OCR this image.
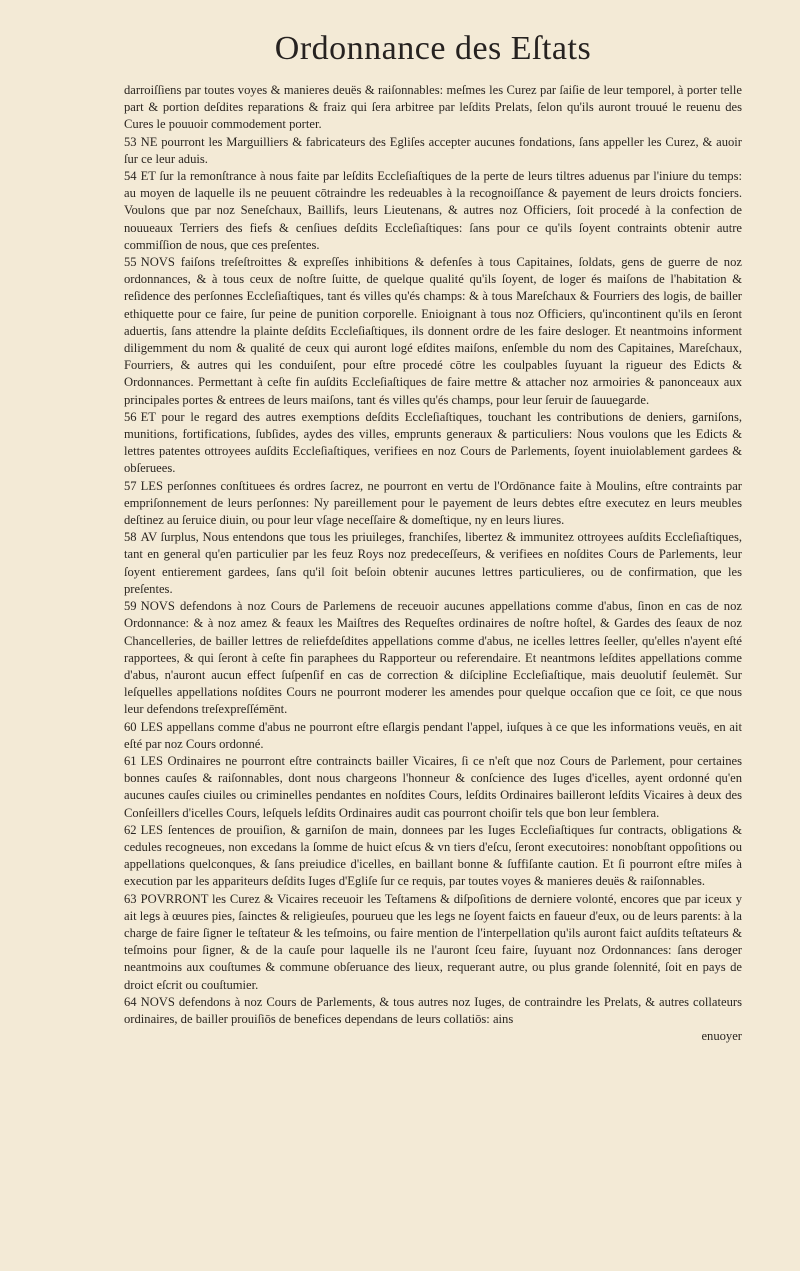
Ordonnance des Eſtats

darroiſſiens par toutes voyes & manieres deuës & raiſonnables: meſmes les Curez par ſaiſie de leur temporel, à porter telle part & portion deſdites reparations & fraiz qui ſera arbitree par leſdits Prelats, ſelon qu'ils auront trouué le reuenu des Cures le pouuoir commodement porter.

53 NE pourront les Marguilliers & fabricateurs des Egliſes accepter aucunes fondations, ſans appeller les Curez, & auoir ſur ce leur aduis.

54 ET ſur la remonſtrance à nous faite par leſdits Eccleſiaſtiques de la perte de leurs tiltres aduenus par l'iniure du temps: au moyen de laquelle ils ne peuuent cōtraindre les redeuables à la recognoiſſance & payement de leurs droicts fonciers. Voulons que par noz Seneſchaux, Baillifs, leurs Lieutenans, & autres noz Officiers, ſoit procedé à la confection de nouueaux Terriers des fiefs & cenſiues deſdits Eccleſiaſtiques: ſans pour ce qu'ils ſoyent contraints obtenir autre commiſſion de nous, que ces preſentes.

55 NOVS faiſons treſeſtroittes & expreſſes inhibitions & defenſes à tous Capitaines, ſoldats, gens de guerre de noz ordonnances, & à tous ceux de noſtre ſuitte, de quelque qualité qu'ils ſoyent, de loger és maiſons de l'habitation & reſidence des perſonnes Eccleſiaſtiques, tant és villes qu'és champs: & à tous Mareſchaux & Fourriers des logis, de bailler ethiquette pour ce faire, ſur peine de punition corporelle. Enioignant à tous noz Officiers, qu'incontinent qu'ils en ſeront aduertis, ſans attendre la plainte deſdits Eccleſiaſtiques, ils donnent ordre de les faire desloger. Et neantmoins informent diligemment du nom & qualité de ceux qui auront logé eſdites maiſons, enſemble du nom des Capitaines, Mareſchaux, Fourriers, & autres qui les conduiſent, pour eſtre procedé cōtre les coulpables ſuyuant la rigueur des Edicts & Ordonnances. Permettant à ceſte fin auſdits Eccleſiaſtiques de faire mettre & attacher noz armoiries & panonceaux aux principales portes & entrees de leurs maiſons, tant és villes qu'és champs, pour leur ſeruir de ſauuegarde.

56 ET pour le regard des autres exemptions deſdits Eccleſiaſtiques, touchant les contributions de deniers, garniſons, munitions, fortifications, ſubſides, aydes des villes, emprunts generaux & particuliers: Nous voulons que les Edicts & lettres patentes ottroyees auſdits Eccleſiaſtiques, verifiees en noz Cours de Parlements, ſoyent inuiolablement gardees & obſeruees.

57 LES perſonnes conſtituees és ordres ſacrez, ne pourront en vertu de l'Ordōnance faite à Moulins, eſtre contraints par empriſonnement de leurs perſonnes: Ny pareillement pour le payement de leurs debtes eſtre executez en leurs meubles deſtinez au ſeruice diuin, ou pour leur vſage neceſſaire & domeſtique, ny en leurs liures.

58 AV ſurplus, Nous entendons que tous les priuileges, franchiſes, libertez & immunitez ottroyees auſdits Eccleſiaſtiques, tant en general qu'en particulier par les feuz Roys noz predeceſſeurs, & verifiees en noſdites Cours de Parlements, leur ſoyent entierement gardees, ſans qu'il ſoit beſoin obtenir aucunes lettres particulieres, ou de confirmation, que les preſentes.

59 NOVS defendons à noz Cours de Parlemens de receuoir aucunes appellations comme d'abus, ſinon en cas de noz Ordonnance: & à noz amez & feaux les Maiſtres des Requeſtes ordinaires de noſtre hoſtel, & Gardes des ſeaux de noz Chancelleries, de bailler lettres de reliefdeſdites appellations comme d'abus, ne icelles lettres ſeeller, qu'elles n'ayent eſté rapportees, & qui ſeront à ceſte fin paraphees du Rapporteur ou referendaire. Et neantmons leſdites appellations comme d'abus, n'auront aucun effect ſuſpenſif en cas de correction & diſcipline Eccleſiaſtique, mais deuolutif ſeulemēt. Sur leſquelles appellations noſdites Cours ne pourront moderer les amendes pour quelque occaſion que ce ſoit, ce que nous leur defendons treſexpreſſémēnt.

60 LES appellans comme d'abus ne pourront eſtre eſlargis pendant l'appel, iuſques à ce que les informations veuës, en ait eſté par noz Cours ordonné.

61 LES Ordinaires ne pourront eſtre contraincts bailler Vicaires, ſi ce n'eſt que noz Cours de Parlement, pour certaines bonnes cauſes & raiſonnables, dont nous chargeons l'honneur & conſcience des Iuges d'icelles, ayent ordonné qu'en aucunes cauſes ciuiles ou criminelles pendantes en noſdites Cours, leſdits Ordinaires bailleront leſdits Vicaires à deux des Conſeillers d'icelles Cours, leſquels leſdits Ordinaires audit cas pourront choiſir tels que bon leur ſemblera.

62 LES ſentences de prouiſion, & garniſon de main, donnees par les Iuges Eccleſiaſtiques ſur contracts, obligations & cedules recogneues, non excedans la ſomme de huict eſcus & vn tiers d'eſcu, ſeront executoires: nonobſtant oppoſitions ou appellations quelconques, & ſans preiudice d'icelles, en baillant bonne & ſuffiſante caution. Et ſi pourront eſtre miſes à execution par les appariteurs deſdits Iuges d'Egliſe ſur ce requis, par toutes voyes & manieres deuës & raiſonnables.

63 POVRRONT les Curez & Vicaires receuoir les Teſtamens & diſpoſitions de derniere volonté, encores que par iceux y ait legs à œuures pies, ſainctes & religieuſes, pourueu que les legs ne ſoyent faicts en faueur d'eux, ou de leurs parents: à la charge de faire ſigner le teſtateur & les teſmoins, ou faire mention de l'interpellation qu'ils auront faict auſdits teſtateurs & teſmoins pour ſigner, & de la cauſe pour laquelle ils ne l'auront ſceu faire, ſuyuant noz Ordonnances: ſans deroger neantmoins aux couſtumes & commune obſeruance des lieux, requerant autre, ou plus grande ſolennité, ſoit en pays de droict eſcrit ou couſtumier.

64 NOVS defendons à noz Cours de Parlements, & tous autres noz Iuges, de contraindre les Prelats, & autres collateurs ordinaires, de bailler prouiſiōs de benefices dependans de leurs collatiōs: ains

enuoyer
